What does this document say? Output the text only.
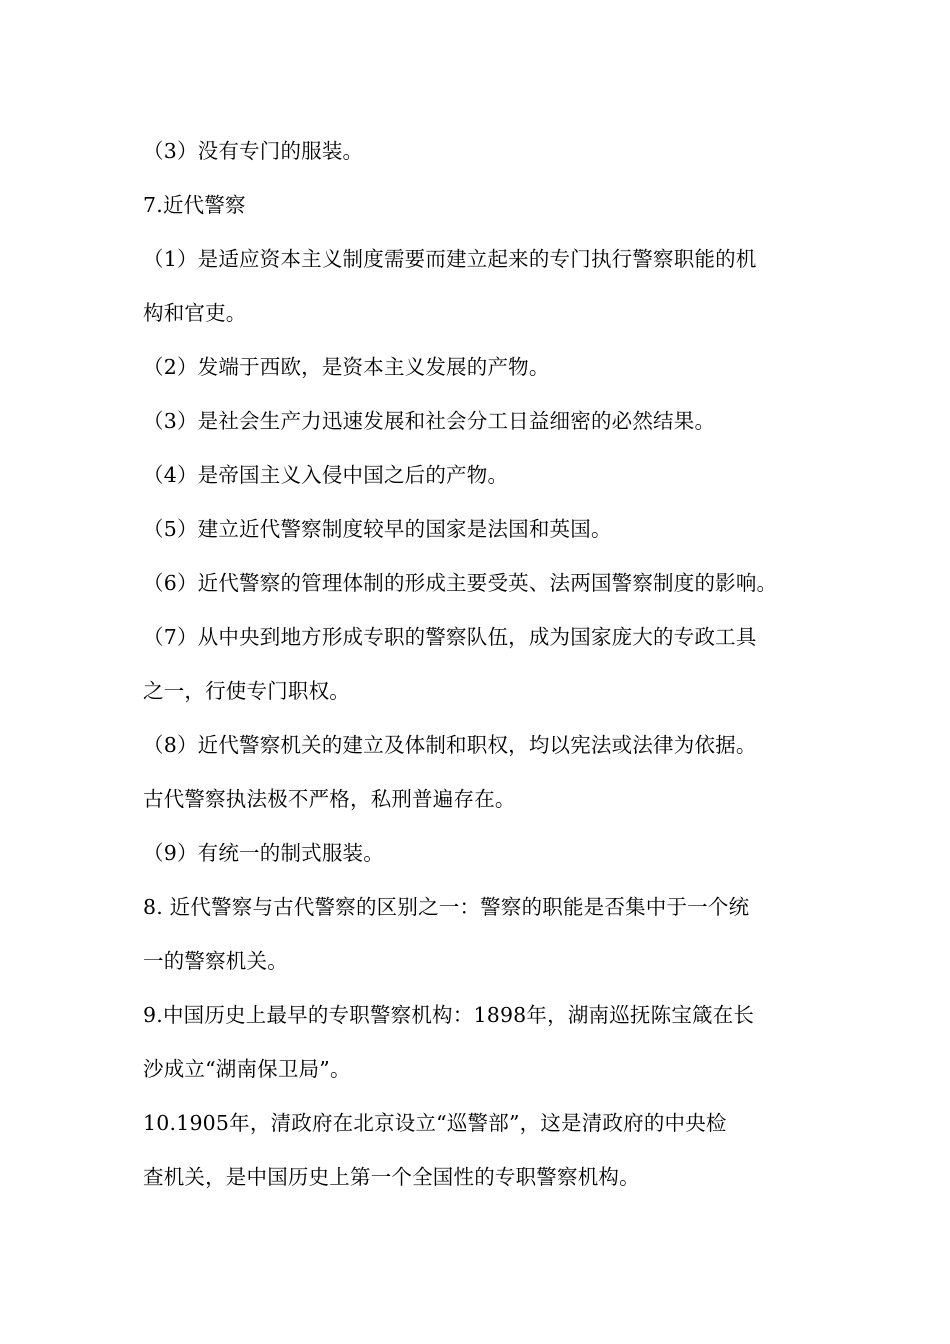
（3）没有专门的服装。
7.近代警察
（1）是适应资本主义制度需要而建立起来的专门执行警察职能的机
构和官吏。
（2）发端于西欧，是资本主义发展的产物。
（3）是社会生产力迅速发展和社会分工日益细密的必然结果。
（4）是帝国主义入侵中国之后的产物。
（5）建立近代警察制度较早的国家是法国和英国。
（6）近代警察的管理体制的形成主要受英、法两国警察制度的影响。
（7）从中央到地方形成专职的警察队伍，成为国家庞大的专政工具
之一，行使专门职权。
（8）近代警察机关的建立及体制和职权，均以宪法或法律为依据。
古代警察执法极不严格，私刑普遍存在。
（9）有统一的制式服装。
8. 近代警察与古代警察的区别之一：警察的职能是否集中于一个统
一的警察机关。
9.中国历史上最早的专职警察机构：1898年，湖南巡抚陈宝箴在长
沙成立“湖南保卫局”。
10.1905年，清政府在北京设立“巡警部”，这是清政府的中央检
查机关，是中国历史上第一个全国性的专职警察机构。
